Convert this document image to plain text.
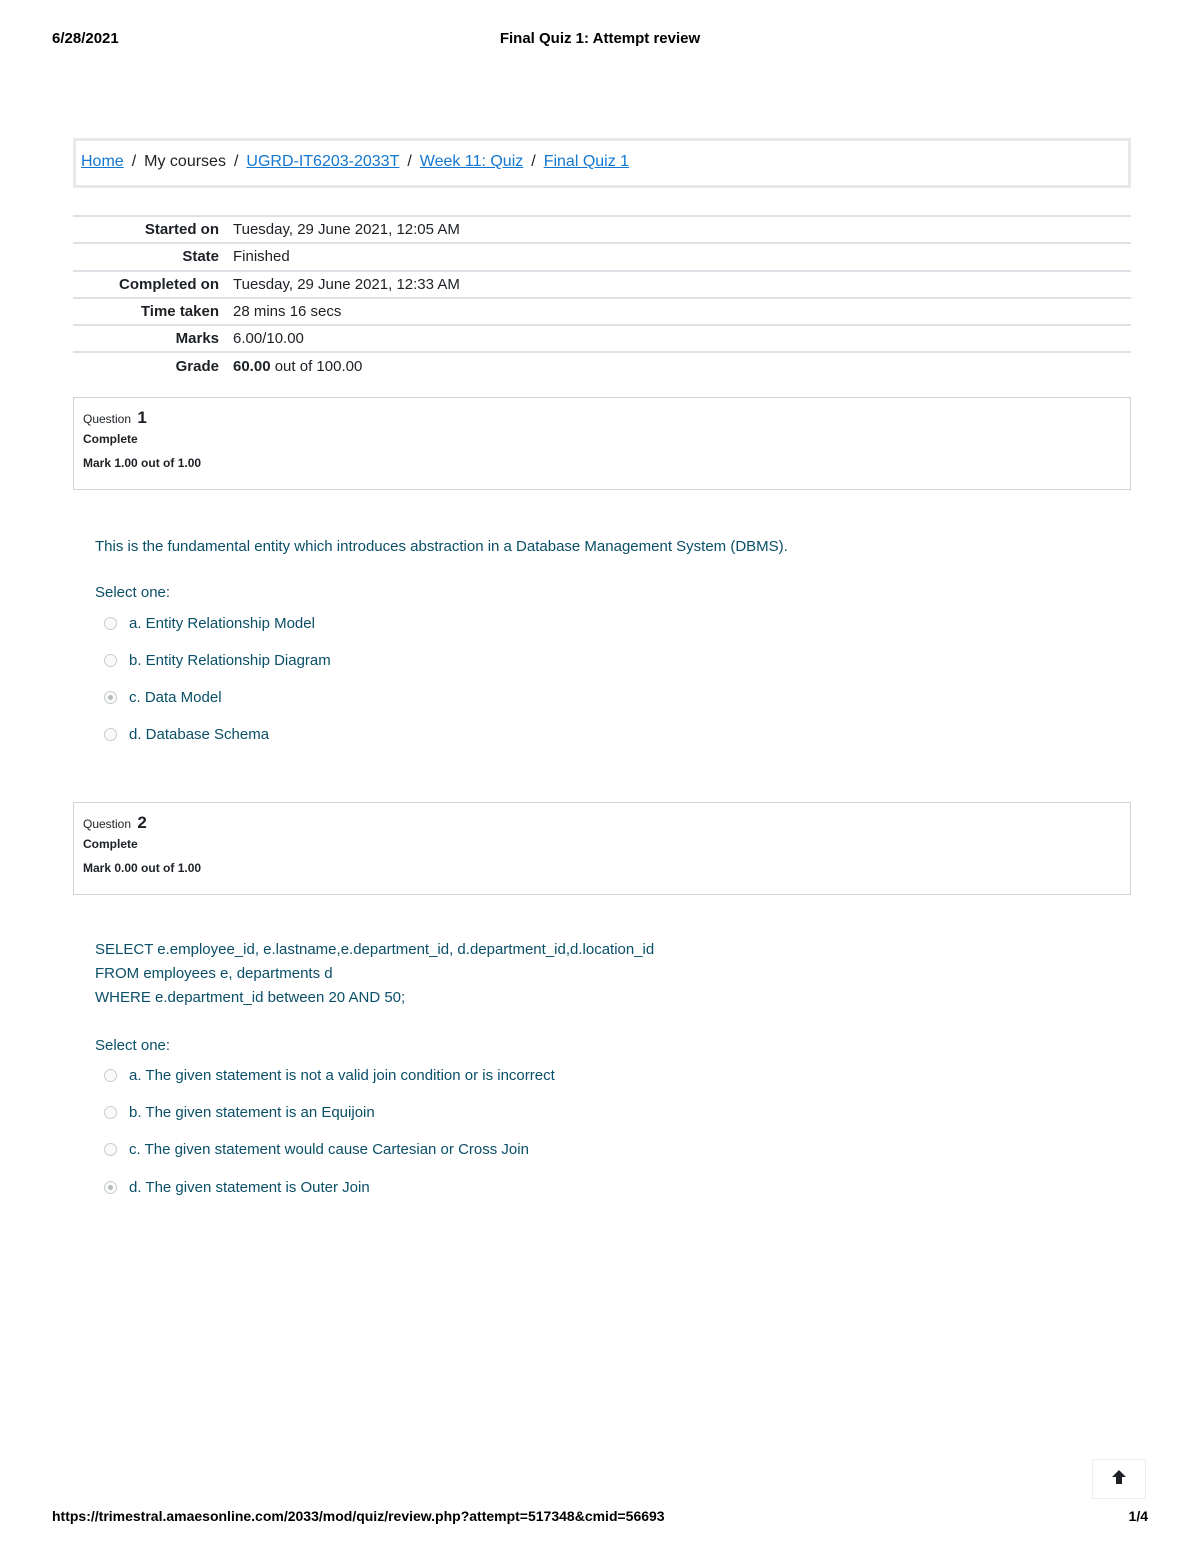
6/28/2021	Final Quiz 1: Attempt review
Home / My courses / UGRD-IT6203-2033T / Week 11: Quiz / Final Quiz 1
Started on	Tuesday, 29 June 2021, 12:05 AM
State	Finished
Completed on	Tuesday, 29 June 2021, 12:33 AM
Time taken	28 mins 16 secs
Marks	6.00/10.00
Grade	60.00 out of 100.00
Question 1
Complete
Mark 1.00 out of 1.00
This is the fundamental entity which introduces abstraction in a Database Management System (DBMS).
Select one:
a. Entity Relationship Model
b. Entity Relationship Diagram
c. Data Model
d. Database Schema
Question 2
Complete
Mark 0.00 out of 1.00
SELECT e.employee_id, e.lastname,e.department_id, d.department_id,d.location_id
FROM employees e, departments d
WHERE e.department_id between 20 AND 50;
Select one:
a. The given statement is not a valid join condition or is incorrect
b. The given statement is an Equijoin
c. The given statement would cause Cartesian or Cross Join
d. The given statement is Outer Join
https://trimestral.amaesonline.com/2033/mod/quiz/review.php?attempt=517348&cmid=56693	1/4
